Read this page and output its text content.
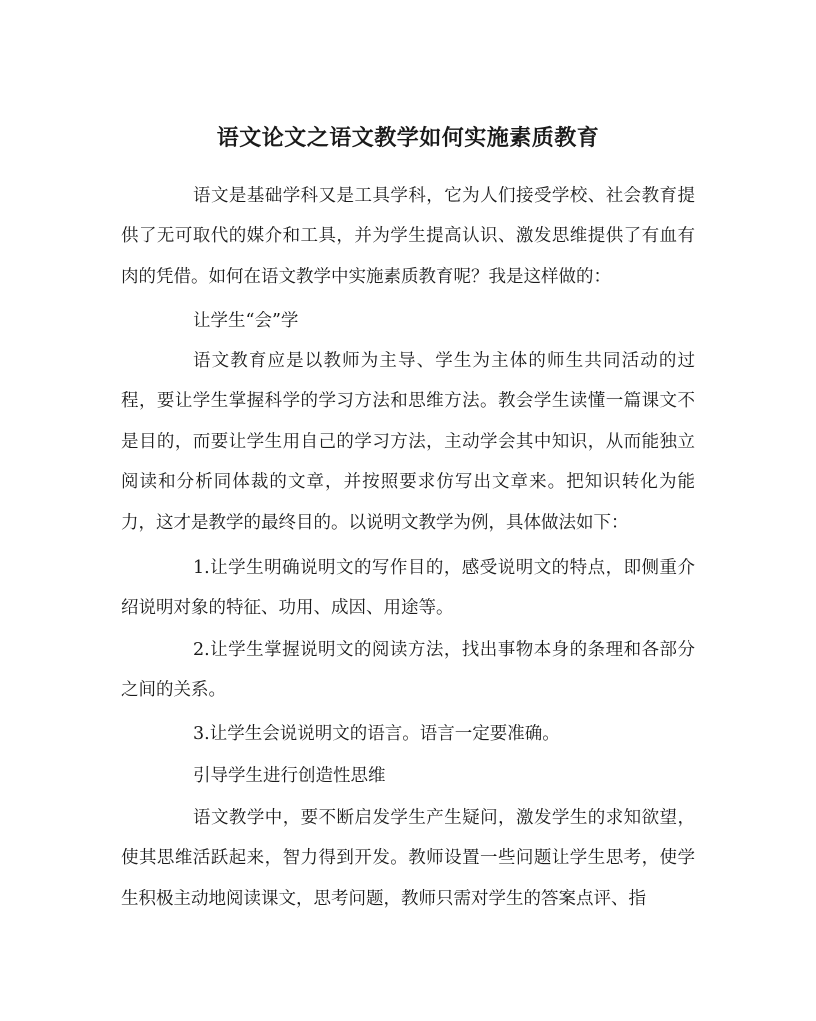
语文论文之语文教学如何实施素质教育

语文是基础学科又是工具学科，它为人们接受学校、社会教育提供了无可取代的媒介和工具，并为学生提高认识、激发思维提供了有血有肉的凭借。如何在语文教学中实施素质教育呢？我是这样做的：

让学生“会”学

语文教育应是以教师为主导、学生为主体的师生共同活动的过程，要让学生掌握科学的学习方法和思维方法。教会学生读懂一篇课文不是目的，而要让学生用自己的学习方法，主动学会其中知识，从而能独立阅读和分析同体裁的文章，并按照要求仿写出文章来。把知识转化为能力，这才是教学的最终目的。以说明文教学为例，具体做法如下：

1.让学生明确说明文的写作目的，感受说明文的特点，即侧重介绍说明对象的特征、功用、成因、用途等。

2.让学生掌握说明文的阅读方法，找出事物本身的条理和各部分之间的关系。

3.让学生会说说明文的语言。语言一定要准确。

引导学生进行创造性思维

语文教学中，要不断启发学生产生疑问，激发学生的求知欲望，使其思维活跃起来，智力得到开发。教师设置一些问题让学生思考，使学生积极主动地阅读课文，思考问题，教师只需对学生的答案点评、指
